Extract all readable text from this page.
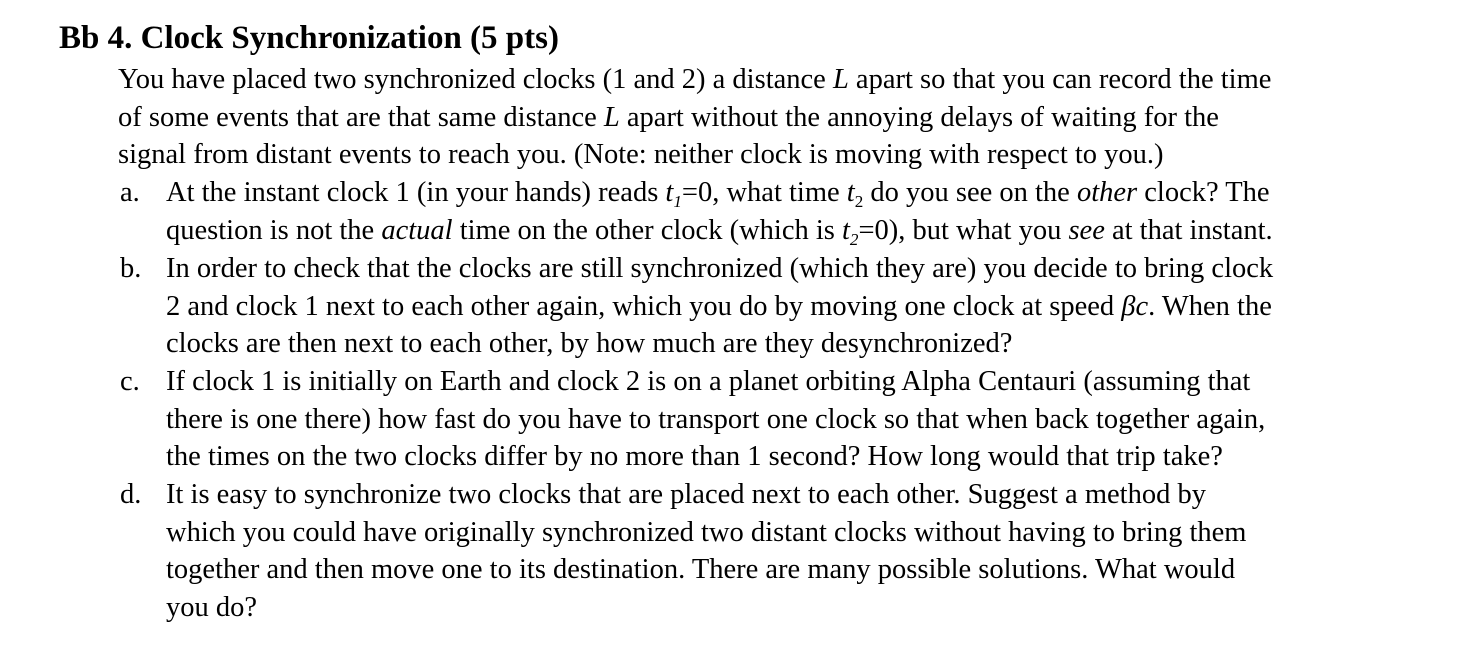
Bb 4. Clock Synchronization (5 pts)
You have placed two synchronized clocks (1 and 2) a distance L apart so that you can record the time
of some events that are that same distance L apart without the annoying delays of waiting for the
signal from distant events to reach you. (Note: neither clock is moving with respect to you.)
a. At the instant clock 1 (in your hands) reads $t_1=0$, what time $t_2$ do you see on the other clock? The
question is not the actual time on the other clock (which is $t_2=0$), but what you see at that instant.
b. In order to check that the clocks are still synchronized (which they are) you decide to bring clock
2 and clock 1 next to each other again, which you do by moving one clock at speed βc. When the
clocks are then next to each other, by how much are they desynchronized?
c. If clock 1 is initially on Earth and clock 2 is on a planet orbiting Alpha Centauri (assuming that
there is one there) how fast do you have to transport one clock so that when back together again,
the times on the two clocks differ by no more than 1 second? How long would that trip take?
d. It is easy to synchronize two clocks that are placed next to each other. Suggest a method by
which you could have originally synchronized two distant clocks without having to bring them
together and then move one to its destination. There are many possible solutions. What would
you do?
